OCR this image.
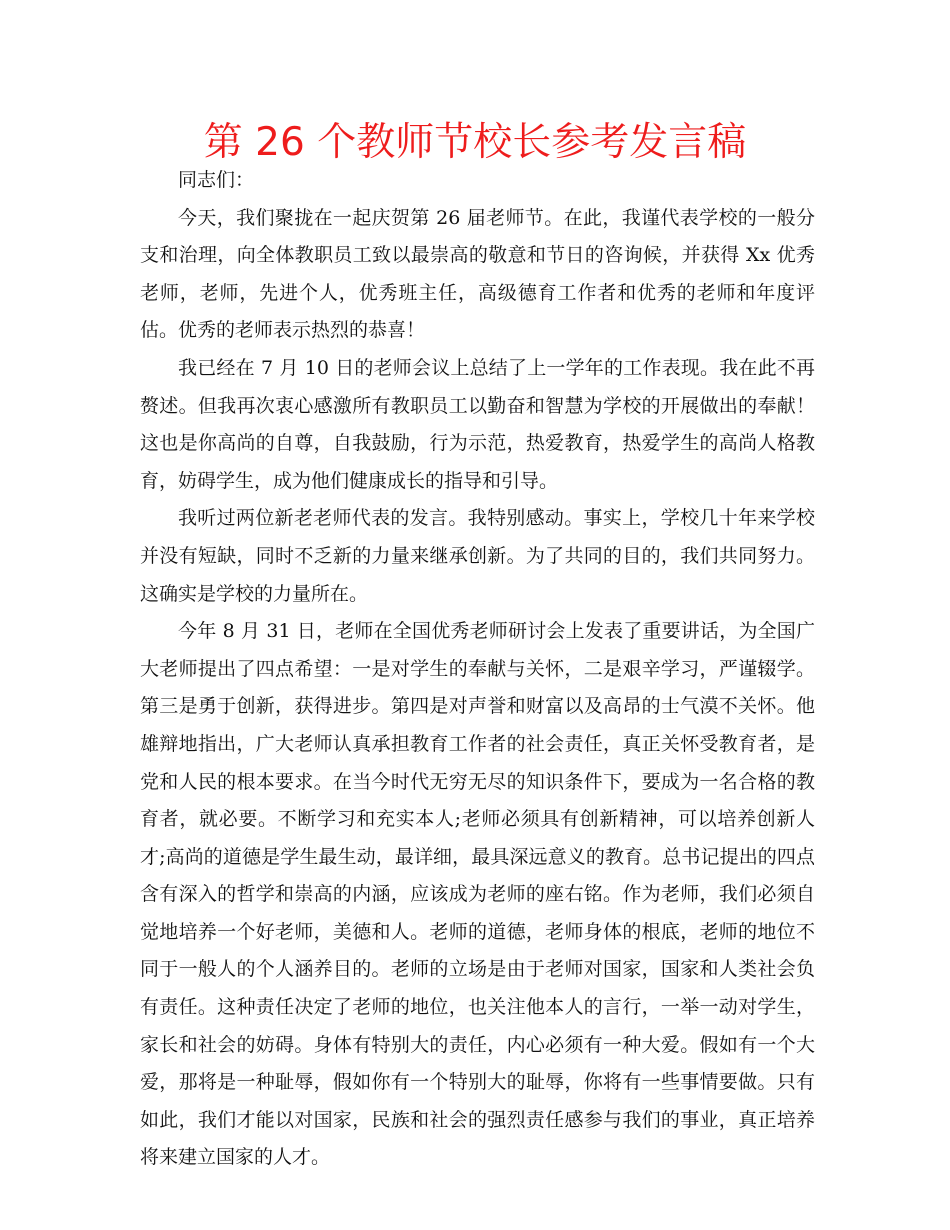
第 26 个教师节校长参考发言稿

同志们：

今天，我们聚拢在一起庆贺第 26 届老师节。在此，我谨代表学校的一般分支和治理，向全体教职员工致以最崇高的敬意和节日的咨询候，并获得 Xx 优秀老师，老师，先进个人，优秀班主任，高级德育工作者和优秀的老师和年度评估。优秀的老师表示热烈的恭喜！

我已经在 7 月 10 日的老师会议上总结了上一学年的工作表现。我在此不再赘述。但我再次衷心感激所有教职员工以勤奋和智慧为学校的开展做出的奉献！这也是你高尚的自尊，自我鼓励，行为示范，热爱教育，热爱学生的高尚人格教育，妨碍学生，成为他们健康成长的指导和引导。

我听过两位新老老师代表的发言。我特别感动。事实上，学校几十年来学校并没有短缺，同时不乏新的力量来继承创新。为了共同的目的，我们共同努力。这确实是学校的力量所在。

今年 8 月 31 日，老师在全国优秀老师研讨会上发表了重要讲话，为全国广大老师提出了四点希望：一是对学生的奉献与关怀，二是艰辛学习，严谨辍学。第三是勇于创新，获得进步。第四是对声誉和财富以及高昂的士气漠不关怀。他雄辩地指出，广大老师认真承担教育工作者的社会责任，真正关怀受教育者，是党和人民的根本要求。在当今时代无穷无尽的知识条件下，要成为一名合格的教育者，就必要。不断学习和充实本人;老师必须具有创新精神，可以培养创新人才;高尚的道德是学生最生动，最详细，最具深远意义的教育。总书记提出的四点含有深入的哲学和崇高的内涵，应该成为老师的座右铭。作为老师，我们必须自觉地培养一个好老师，美德和人。老师的道德，老师身体的根底，老师的地位不同于一般人的个人涵养目的。老师的立场是由于老师对国家，国家和人类社会负有责任。这种责任决定了老师的地位，也关注他本人的言行，一举一动对学生，家长和社会的妨碍。身体有特别大的责任，内心必须有一种大爱。假如有一个大爱，那将是一种耻辱，假如你有一个特别大的耻辱，你将有一些事情要做。只有如此，我们才能以对国家，民族和社会的强烈责任感参与我们的事业，真正培养将来建立国家的人才。
